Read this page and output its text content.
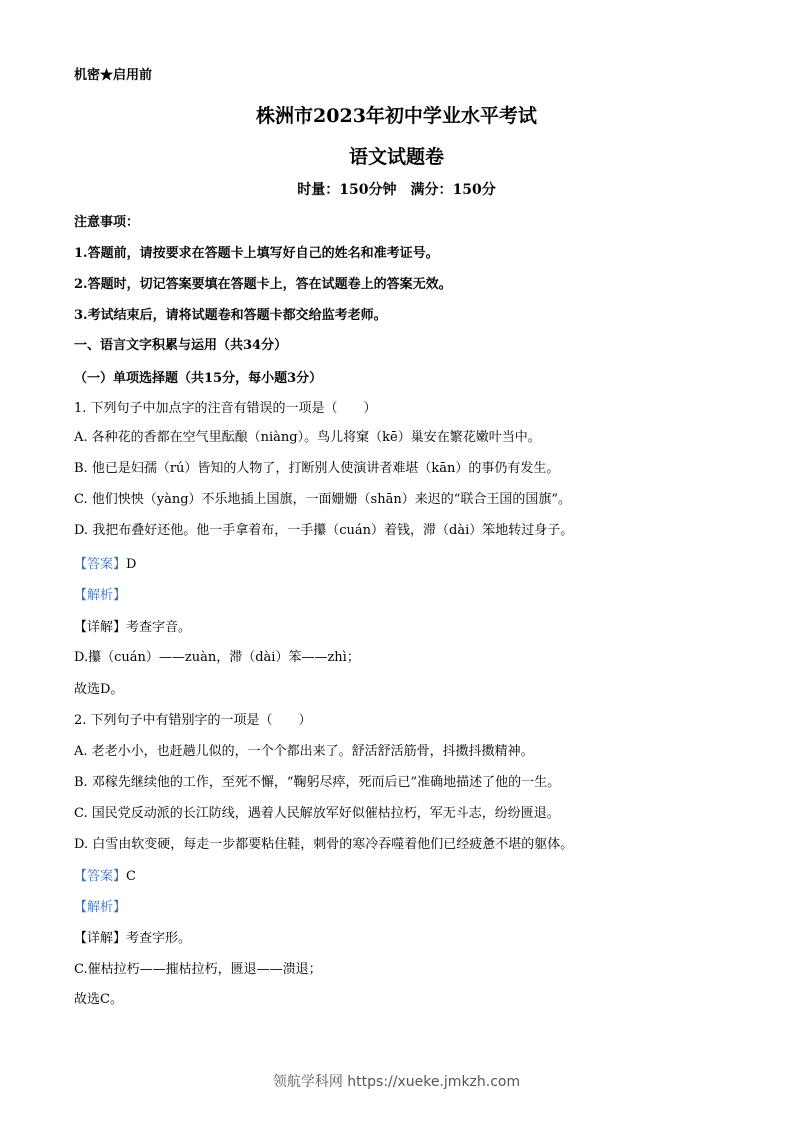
机密★启用前
株洲市2023年初中学业水平考试
语文试题卷
时量：150分钟　满分：150分
注意事项：
1.答题前，请按要求在答题卡上填写好自己的姓名和准考证号。
2.答题时，切记答案要填在答题卡上，答在试题卷上的答案无效。
3.考试结束后，请将试题卷和答题卡都交给监考老师。
一、语言文字积累与运用（共34分）
（一）单项选择题（共15分，每小题3分）
1. 下列句子中加点字的注音有错误的一项是（　　）
A. 各种花的香都在空气里酝酿（niàng）。鸟儿将窠（kē）巢安在繁花嫩叶当中。
B. 他已是妇孺（rú）皆知的人物了，打断别人使演讲者难堪（kān）的事仍有发生。
C. 他们怏怏（yàng）不乐地插上国旗，一面姗姗（shān）来迟的“联合王国的国旗”。
D. 我把布叠好还他。他一手拿着布，一手攥（cuán）着钱，滞（dài）笨地转过身子。
【答案】D
【解析】
【详解】考查字音。
D.攥（cuán）——zuàn，滞（dài）笨——zhì；
故选D。
2. 下列句子中有错别字的一项是（　　）
A. 老老小小，也赶趟儿似的，一个个都出来了。舒活舒活筋骨，抖擞抖擞精神。
B. 邓稼先继续他的工作，至死不懈，“鞠躬尽瘁，死而后已”准确地描述了他的一生。
C. 国民党反动派的长江防线，遇着人民解放军好似催枯拉朽，军无斗志，纷纷匮退。
D. 白雪由软变硬，每走一步都要粘住鞋，刺骨的寒冷吞噬着他们已经疲惫不堪的躯体。
【答案】C
【解析】
【详解】考查字形。
C.催枯拉朽——摧枯拉朽，匮退——溃退；
故选C。
领航学科网 https://xueke.jmkzh.com
